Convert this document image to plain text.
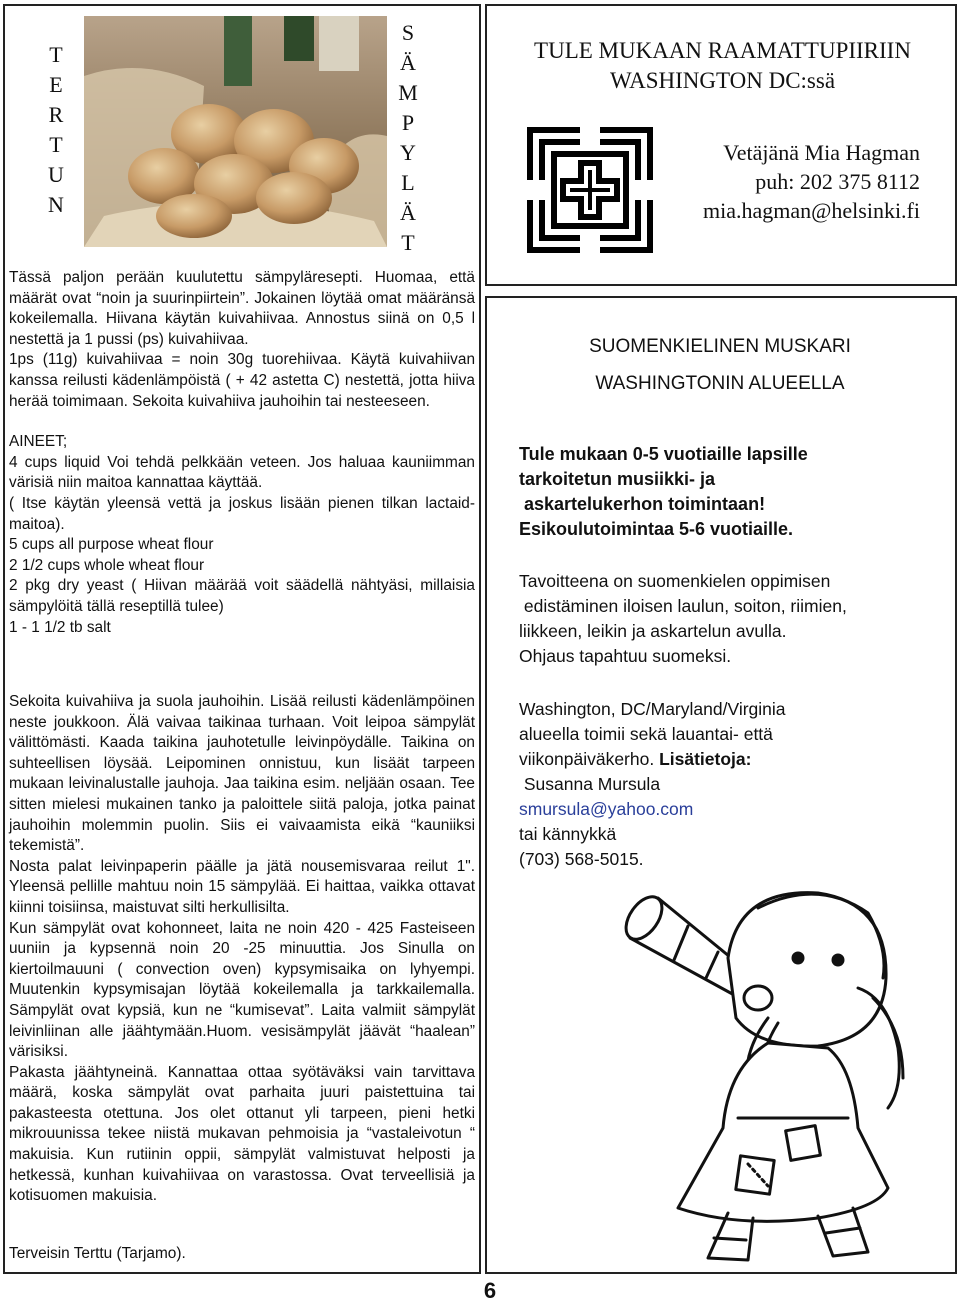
T
E
R
T
U
N
S
Ä
M
P
Y
L
Ä
T

Tässä paljon perään kuulutettu sämpyläresepti. Huomaa, että määrät ovat “noin ja suurinpiirtein”. Jokainen löytää omat määränsä kokeilemalla. Hiivana käytän kuivahiivaa. Annostus siinä on 0,5 l nestettä ja 1 pussi (ps) kuivahiivaa.

1ps (11g) kuivahiivaa = noin 30g tuorehiivaa. Käytä kuivahiivan kanssa reilusti kädenlämpöistä ( + 42 astetta C) nestettä, jotta hiiva herää toimimaan. Sekoita kuivahiiva jauhoihin tai nesteeseen.

AINEET;

4 cups liquid Voi tehdä pelkkään veteen. Jos haluaa kauniimman värisiä niin maitoa kannattaa käyttää.

( Itse käytän yleensä vettä ja joskus lisään pienen tilkan lactaid-maitoa).

5 cups all purpose wheat flour

2 1/2 cups whole wheat flour

2 pkg dry yeast ( Hiivan määrää voit säädellä nähtyäsi, millaisia sämpylöitä tällä reseptillä tulee)

1 - 1 1/2 tb salt

Sekoita kuivahiiva ja suola jauhoihin. Lisää reilusti kädenlämpöinen neste joukkoon. Älä vaivaa taikinaa turhaan. Voit leipoa sämpylät välittömästi. Kaada taikina jauhotetulle leivinpöydälle. Taikina on suhteellisen löysää. Leipominen onnistuu, kun lisäät tarpeen mukaan leivinalustalle jauhoja. Jaa taikina esim. neljään osaan. Tee sitten mielesi mukainen tanko ja paloittele siitä paloja, jotka painat jauhoihin molemmin puolin. Siis ei vaivaamista eikä “kauniiksi tekemistä”.

Nosta palat leivinpaperin päälle ja jätä nousemisvaraa reilut 1". Yleensä pellille mahtuu noin 15 sämpylää. Ei haittaa, vaikka ottavat kiinni toisiinsa, maistuvat silti herkullisilta.

Kun sämpylät ovat kohonneet, laita ne noin 420 - 425 Fasteiseen uuniin ja kypsennä noin 20 -25 minuuttia. Jos Sinulla on kiertoilmauuni ( convection oven) kypsymisaika on lyhyempi. Muutenkin kypsymisajan löytää kokeilemalla ja tarkkailemalla. Sämpylät ovat kypsiä, kun ne “kumisevat”. Laita valmiit sämpylät leivinliinan alle jäähtymään.Huom. vesisämpylät jäävät “haalean” värisiksi.

Pakasta jäähtyneinä. Kannattaa ottaa syötäväksi vain tarvittava määrä, koska sämpylät ovat parhaita juuri paistettuina tai pakasteesta otettuna. Jos olet ottanut yli tarpeen, pieni hetki mikrouunissa tekee niistä mukavan pehmoisia ja “vastaleivotun “ makuisia. Kun rutiinin oppii, sämpylät valmistuvat helposti ja hetkessä, kunhan kuivahiivaa on varastossa. Ovat terveellisiä ja kotisuomen makuisia.

Terveisin Terttu (Tarjamo).

TULE MUKAAN RAAMATTUPIIRIIN
WASHINGTON DC:ssä
Vetäjänä Mia Hagman
puh: 202 375 8112
mia.hagman@helsinki.fi
SUOMENKIELINEN MUSKARI
WASHINGTONIN ALUEELLA

Tule mukaan 0-5 vuotiaille lapsille

tarkoitetun musiikki- ja

askartelukerhon toimintaan!

Esikoulutoimintaa 5-6 vuotiaille.

Tavoitteena on suomenkielen oppimisen

edistäminen iloisen laulun, soiton, riimien,

liikkeen, leikin ja askartelun avulla.

Ohjaus tapahtuu suomeksi.

Washington, DC/Maryland/Virginia

alueella toimii sekä lauantai- että

viikonpäiväkerho. Lisätietoja:

Susanna Mursula

smursula@yahoo.com

tai kännykkä

(703) 568-5015.

6
